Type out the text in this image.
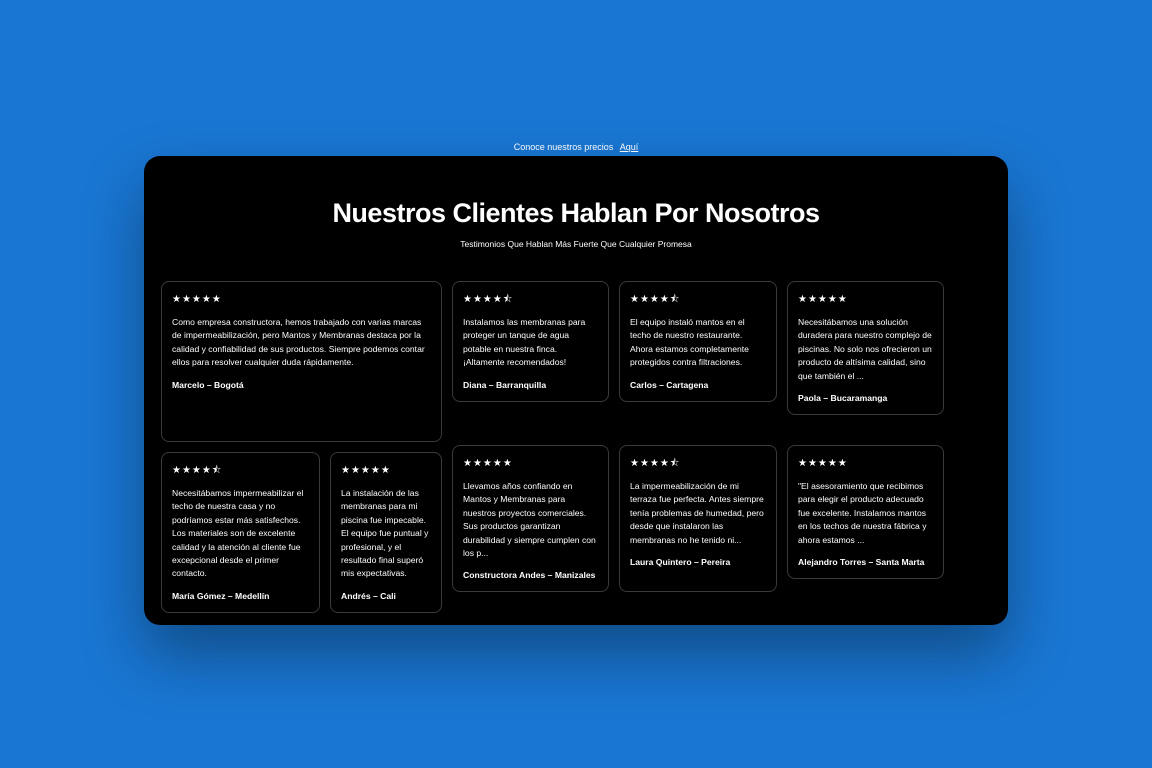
Conoce nuestros precios Aquí
Nuestros Clientes Hablan Por Nosotros
Testimonios Que Hablan Más Fuerte Que Cualquier Promesa
★★★★★
Como empresa constructora, hemos trabajado con varias marcas de impermeabilización, pero Mantos y Membranas destaca por la calidad y confiabilidad de sus productos. Siempre podemos contar ellos para resolver cualquier duda rápidamente.
Marcelo – Bogotá
★★★★⯪
Instalamos las membranas para proteger un tanque de agua potable en nuestra finca. ¡Altamente recomendados!
Diana – Barranquilla
★★★★⯪
El equipo instaló mantos en el techo de nuestro restaurante. Ahora estamos completamente protegidos contra filtraciones.
Carlos – Cartagena
★★★★★
Necesitábamos una solución duradera para nuestro complejo de piscinas. No solo nos ofrecieron un producto de altísima calidad, sino que también el ...
Paola – Bucaramanga
★★★★⯪
Necesitábamos impermeabilizar el techo de nuestra casa y no podríamos estar más satisfechos. Los materiales son de excelente calidad y la atención al cliente fue excepcional desde el primer contacto.
María Gómez – Medellín
★★★★★
La instalación de las membranas para mi piscina fue impecable. El equipo fue puntual y profesional, y el resultado final superó mis expectativas.
Andrés – Cali
★★★★★
Llevamos años confiando en Mantos y Membranas para nuestros proyectos comerciales. Sus productos garantizan durabilidad y siempre cumplen con los p...
Constructora Andes – Manizales
★★★★⯪
La impermeabilización de mi terraza fue perfecta. Antes siempre tenía problemas de humedad, pero desde que instalaron las membranas no he tenido ni...
Laura Quintero – Pereira
★★★★★
"El asesoramiento que recibimos para elegir el producto adecuado fue excelente. Instalamos mantos en los techos de nuestra fábrica y ahora estamos ...
Alejandro Torres – Santa Marta
